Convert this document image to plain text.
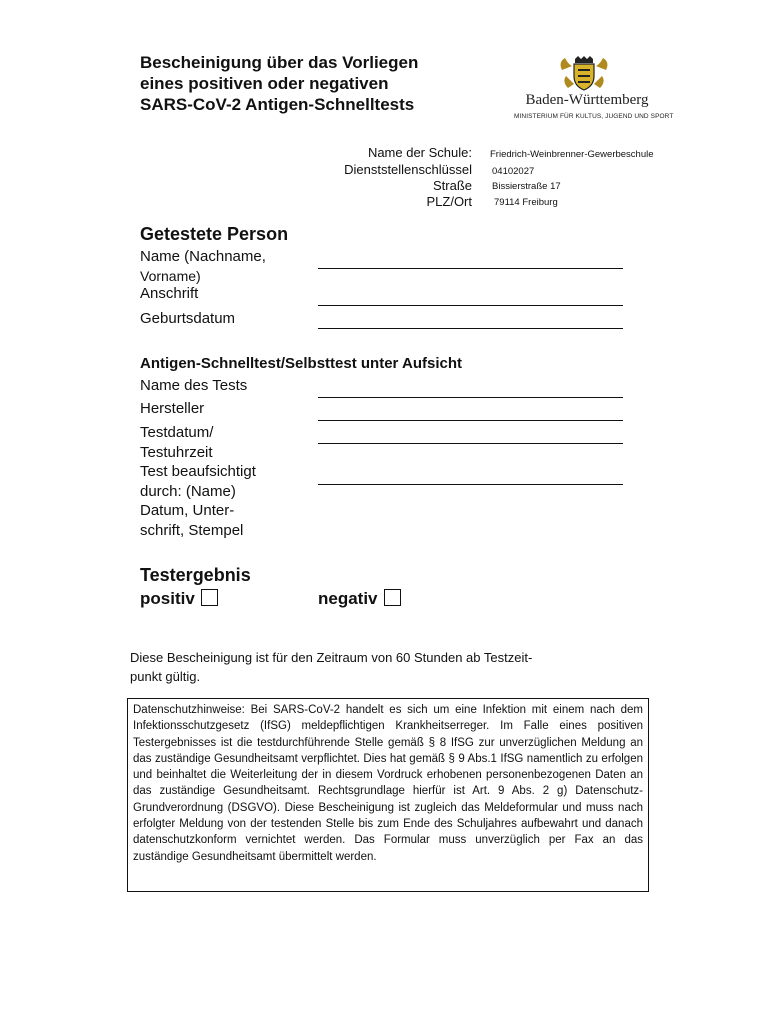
Bescheinigung über das Vorliegen
eines positiven oder negativen
SARS-CoV-2 Antigen-Schnelltests	Baden-Württemberg
MINISTERIUM FÜR KULTUS, JUGEND UND SPORT
Name der Schule:
Dienststellenschlüssel
Straße
PLZ/Ort
Friedrich-Weinbrenner-Gewerbeschule
04102027
Bissierstraße 17
79114 Freiburg
Getestete Person
Name (Nachname,
Vorname)
Anschrift
Geburtsdatum
Antigen-Schnelltest/Selbsttest unter Aufsicht
Name des Tests
Hersteller
Testdatum/
Testuhrzeit
Test beaufsichtigt
durch: (Name)
Datum, Unter-
schrift, Stempel
Testergebnis
positiv	negativ
Diese Bescheinigung ist für den Zeitraum von 60 Stunden ab Testzeit-
punkt gültig.
Datenschutzhinweise: Bei SARS-CoV-2 handelt es sich um eine Infektion mit einem nach dem Infektionsschutzgesetz (IfSG) meldepflichtigen Krankheitserreger. Im Falle eines positiven Testergebnisses ist die testdurchführende Stelle gemäß § 8 IfSG zur unverzüglichen Meldung an das zuständige Gesundheitsamt verpflichtet. Dies hat gemäß § 9 Abs.1 IfSG namentlich zu erfolgen und beinhaltet die Weiterleitung der in diesem Vordruck erhobenen personenbezogenen Daten an das zuständige Gesundheitsamt. Rechtsgrundlage hierfür ist Art. 9 Abs. 2 g) Datenschutz-Grundverordnung (DSGVO). Diese Bescheinigung ist zugleich das Meldeformular und muss nach erfolgter Meldung von der testenden Stelle bis zum Ende des Schuljahres aufbewahrt und danach datenschutzkonform vernichtet werden. Das Formular muss unverzüglich per Fax an das zuständige Gesundheitsamt übermittelt werden.
